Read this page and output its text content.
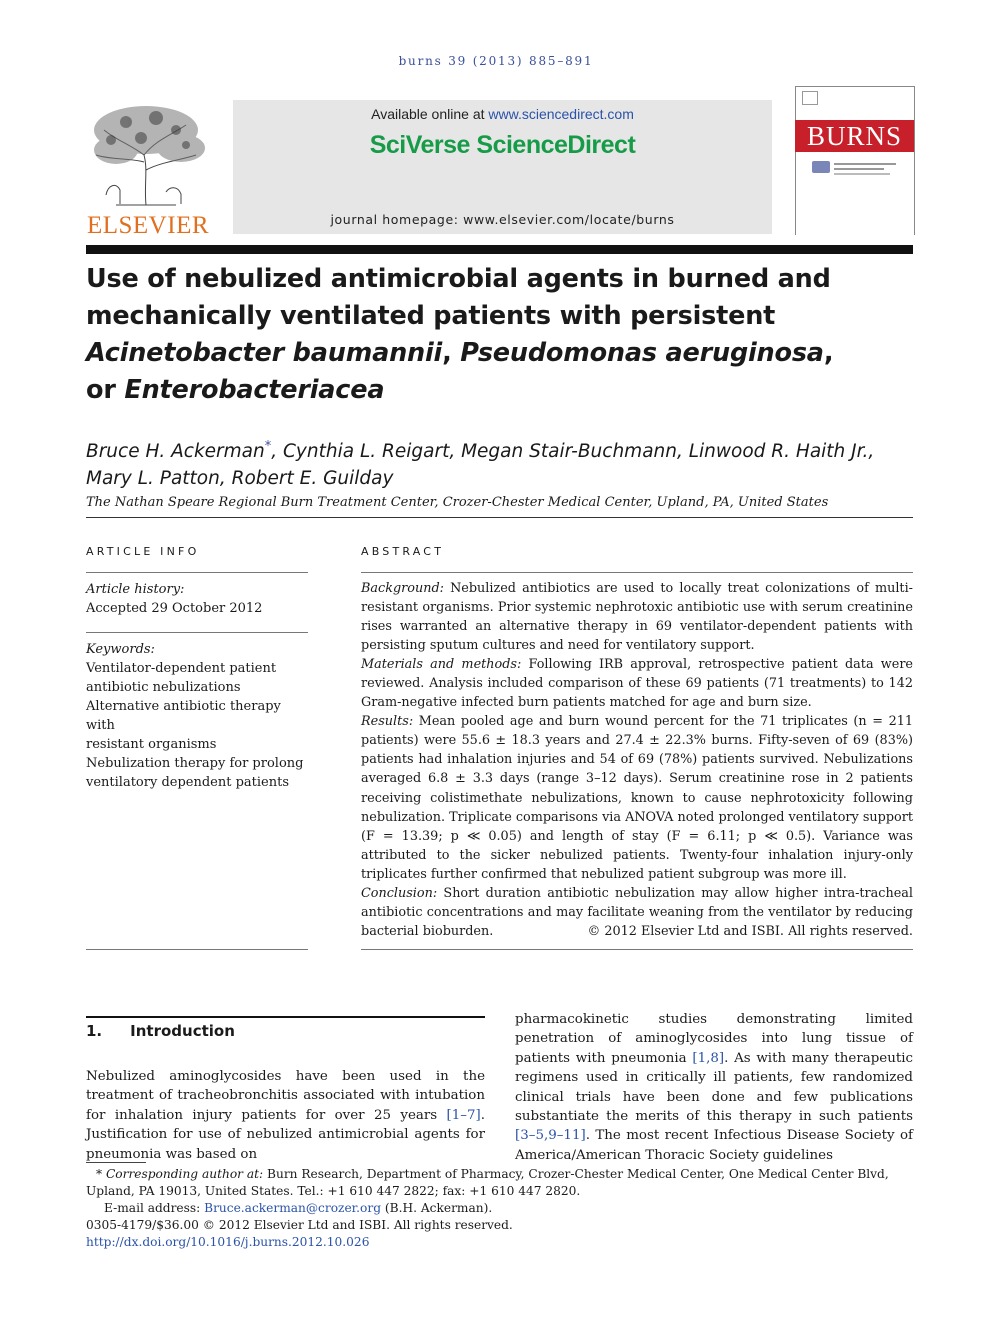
burns 39 (2013) 885–891
ELSEVIER
Available online at www.sciencedirect.com
SciVerse ScienceDirect
journal homepage: www.elsevier.com/locate/burns
BURNS
Use of nebulized antimicrobial agents in burned and
mechanically ventilated patients with persistent
Acinetobacter baumannii, Pseudomonas aeruginosa,
or Enterobacteriacea
Bruce H. Ackerman*, Cynthia L. Reigart, Megan Stair-Buchmann, Linwood R. Haith Jr.,
Mary L. Patton, Robert E. Guilday
The Nathan Speare Regional Burn Treatment Center, Crozer-Chester Medical Center, Upland, PA, United States
ARTICLE INFO
Article history:
Accepted 29 October 2012
Keywords:
Ventilator-dependent patient
antibiotic nebulizations
Alternative antibiotic therapy with
resistant organisms
Nebulization therapy for prolong
ventilatory dependent patients
ABSTRACT
Background: Nebulized antibiotics are used to locally treat colonizations of multi-resistant organisms. Prior systemic nephrotoxic antibiotic use with serum creatinine rises warranted an alternative therapy in 69 ventilator-dependent patients with persisting sputum cultures and need for ventilatory support.
Materials and methods: Following IRB approval, retrospective patient data were reviewed. Analysis included comparison of these 69 patients (71 treatments) to 142 Gram-negative infected burn patients matched for age and burn size.
Results: Mean pooled age and burn wound percent for the 71 triplicates (n = 211 patients) were 55.6 ± 18.3 years and 27.4 ± 22.3% burns. Fifty-seven of 69 (83%) patients had inhalation injuries and 54 of 69 (78%) patients survived. Nebulizations averaged 6.8 ± 3.3 days (range 3–12 days). Serum creatinine rose in 2 patients receiving colistimethate nebulizations, known to cause nephrotoxicity following nebulization. Triplicate comparisons via ANOVA noted prolonged ventilatory support (F = 13.39; p ≪ 0.05) and length of stay (F = 6.11; p ≪ 0.5). Variance was attributed to the sicker nebulized patients. Twenty-four inhalation injury-only triplicates further confirmed that nebulized patient subgroup was more ill.
Conclusion: Short duration antibiotic nebulization may allow higher intra-tracheal antibiotic concentrations and may facilitate weaning from the ventilator by reducing bacterial bioburden.	© 2012 Elsevier Ltd and ISBI. All rights reserved.
1. Introduction
Nebulized aminoglycosides have been used in the treatment of tracheobronchitis associated with intubation for inhalation injury patients for over 25 years [1–7]. Justification for use of nebulized antimicrobial agents for pneumonia was based on
pharmacokinetic studies demonstrating limited penetration of aminoglycosides into lung tissue of patients with pneumonia [1,8]. As with many therapeutic regimens used in critically ill patients, few randomized clinical trials have been done and few publications substantiate the merits of this therapy in such patients [3–5,9–11]. The most recent Infectious Disease Society of America/American Thoracic Society guidelines
* Corresponding author at: Burn Research, Department of Pharmacy, Crozer-Chester Medical Center, One Medical Center Blvd, Upland, PA 19013, United States. Tel.: +1 610 447 2822; fax: +1 610 447 2820.
E-mail address: Bruce.ackerman@crozer.org (B.H. Ackerman).
0305-4179/$36.00 © 2012 Elsevier Ltd and ISBI. All rights reserved.
http://dx.doi.org/10.1016/j.burns.2012.10.026
